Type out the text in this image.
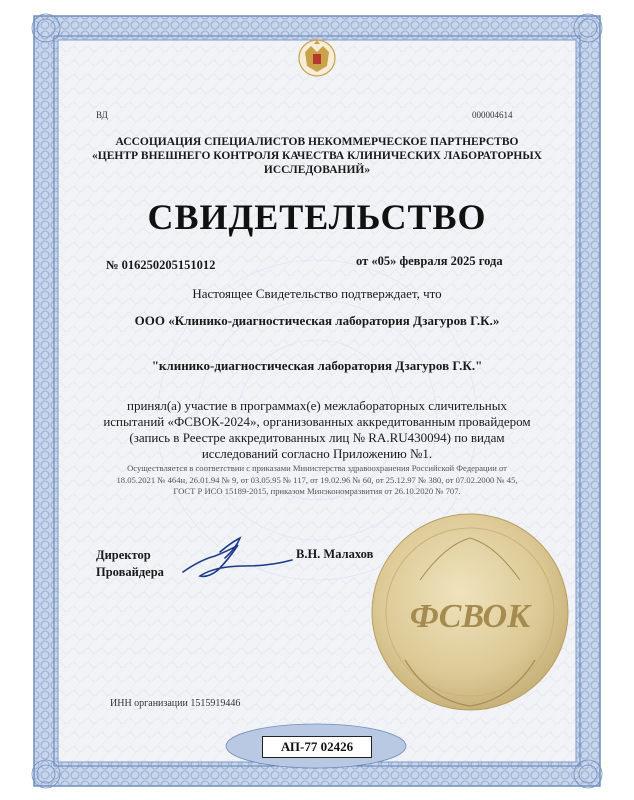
ВД	000004614
АССОЦИАЦИЯ СПЕЦИАЛИСТОВ НЕКОММЕРЧЕСКОЕ ПАРТНЕРСТВО
«ЦЕНТР ВНЕШНЕГО КОНТРОЛЯ КАЧЕСТВА КЛИНИЧЕСКИХ ЛАБОРАТОРНЫХ
ИССЛЕДОВАНИЙ»
СВИДЕТЕЛЬСТВО
№ 016250205151012	от «05» февраля 2025 года
Настоящее Свидетельство подтверждает, что
ООО «Клинико-диагностическая лаборатория Дзагуров Г.К.»
"клинико-диагностическая лаборатория Дзагуров Г.К."
принял(а) участие в программах(е) межлабораторных сличительных
испытаний «ФСВОК-2024», организованных аккредитованным провайдером
(запись в Реестре аккредитованных лиц № RA.RU430094) по видам
исследований согласно Приложению №1.
Осуществляется в соответствии с приказами Министерства здравоохранения Российской Федерации от
18.05.2021 № 464н, 26.01.94 № 9, от 03.05.95 № 117, от 19.02.96 № 60, от 25.12.97 № 380, от 07.02.2000 № 45,
ГОСТ Р ИСО 15189-2015, приказом Минэкономразвития от 26.10.2020 № 707.
Директор
Провайдера
В.Н. Малахов
ФСВОК
ИНН организации 1515919446
АП-77 02426
